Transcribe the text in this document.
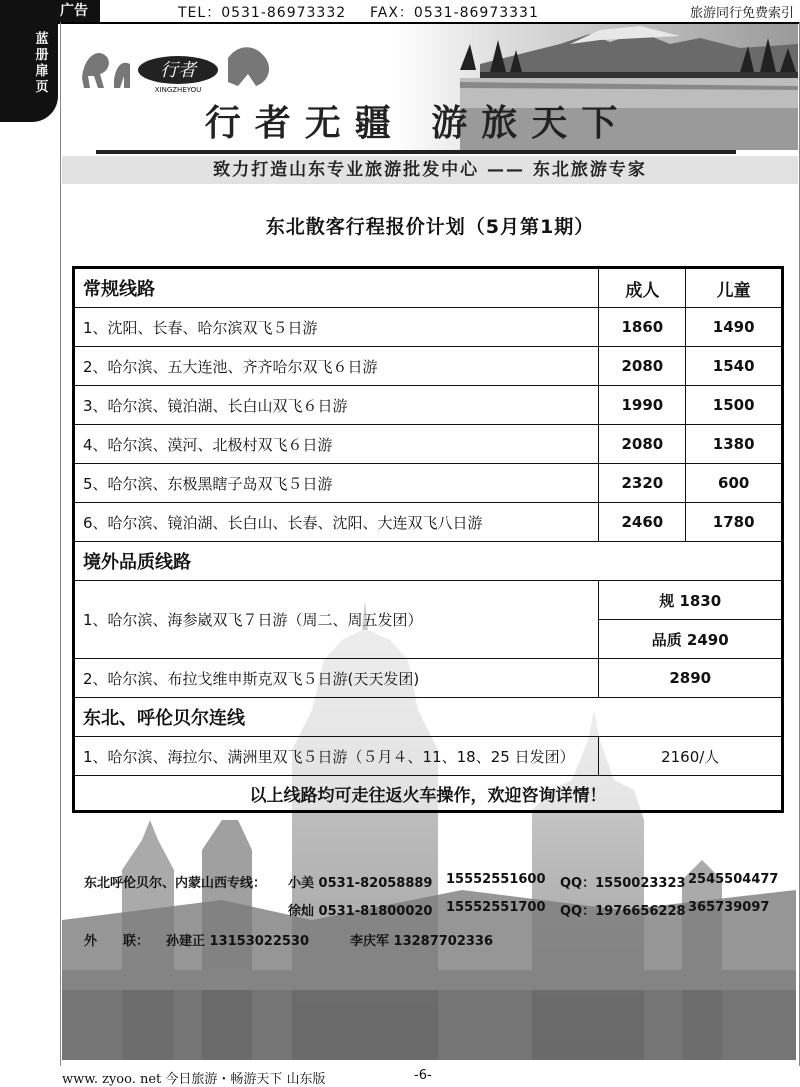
广告	TEL：0531-86973332 FAX：0531-86973331	旅游同行免费索引
蓝册扉页
行者
XINGZHEYOU
行者无疆 游旅天下
致力打造山东专业旅游批发中心 —— 东北旅游专家
东北散客行程报价计划（5月第1期）
常规线路	成人	儿童
1、沈阳、长春、哈尔滨双飞５日游	1860	1490
2、哈尔滨、五大连池、齐齐哈尔双飞６日游	2080	1540
3、哈尔滨、镜泊湖、长白山双飞６日游	1990	1500
4、哈尔滨、漠河、北极村双飞６日游	2080	1380
5、哈尔滨、东极黑瞎子岛双飞５日游	2320	600
6、哈尔滨、镜泊湖、长白山、长春、沈阳、大连双飞八日游	2460	1780
境外品质线路		
1、哈尔滨、海参崴双飞７日游（周二、周五发团）	规 1830	
	品质 2490	
2、哈尔滨、布拉戈维申斯克双飞５日游(天天发团)	2890	
东北、呼伦贝尔连线		
1、哈尔滨、海拉尔、满洲里双飞５日游（５月４、11、18、25 日发团）	2160/人	
以上线路均可走往返火车操作，欢迎咨询详情！		
东北呼伦贝尔、内蒙山西专线： 小美 0531-82058889 15552551600 QQ：1550023323 2545504477
徐灿 0531-81800020 15552551700 QQ：1976656228 365739097
外　　联： 孙建正 13153022530	李庆军 13287702336
www. zyoo. net 今日旅游・畅游天下 山东版	-6-
